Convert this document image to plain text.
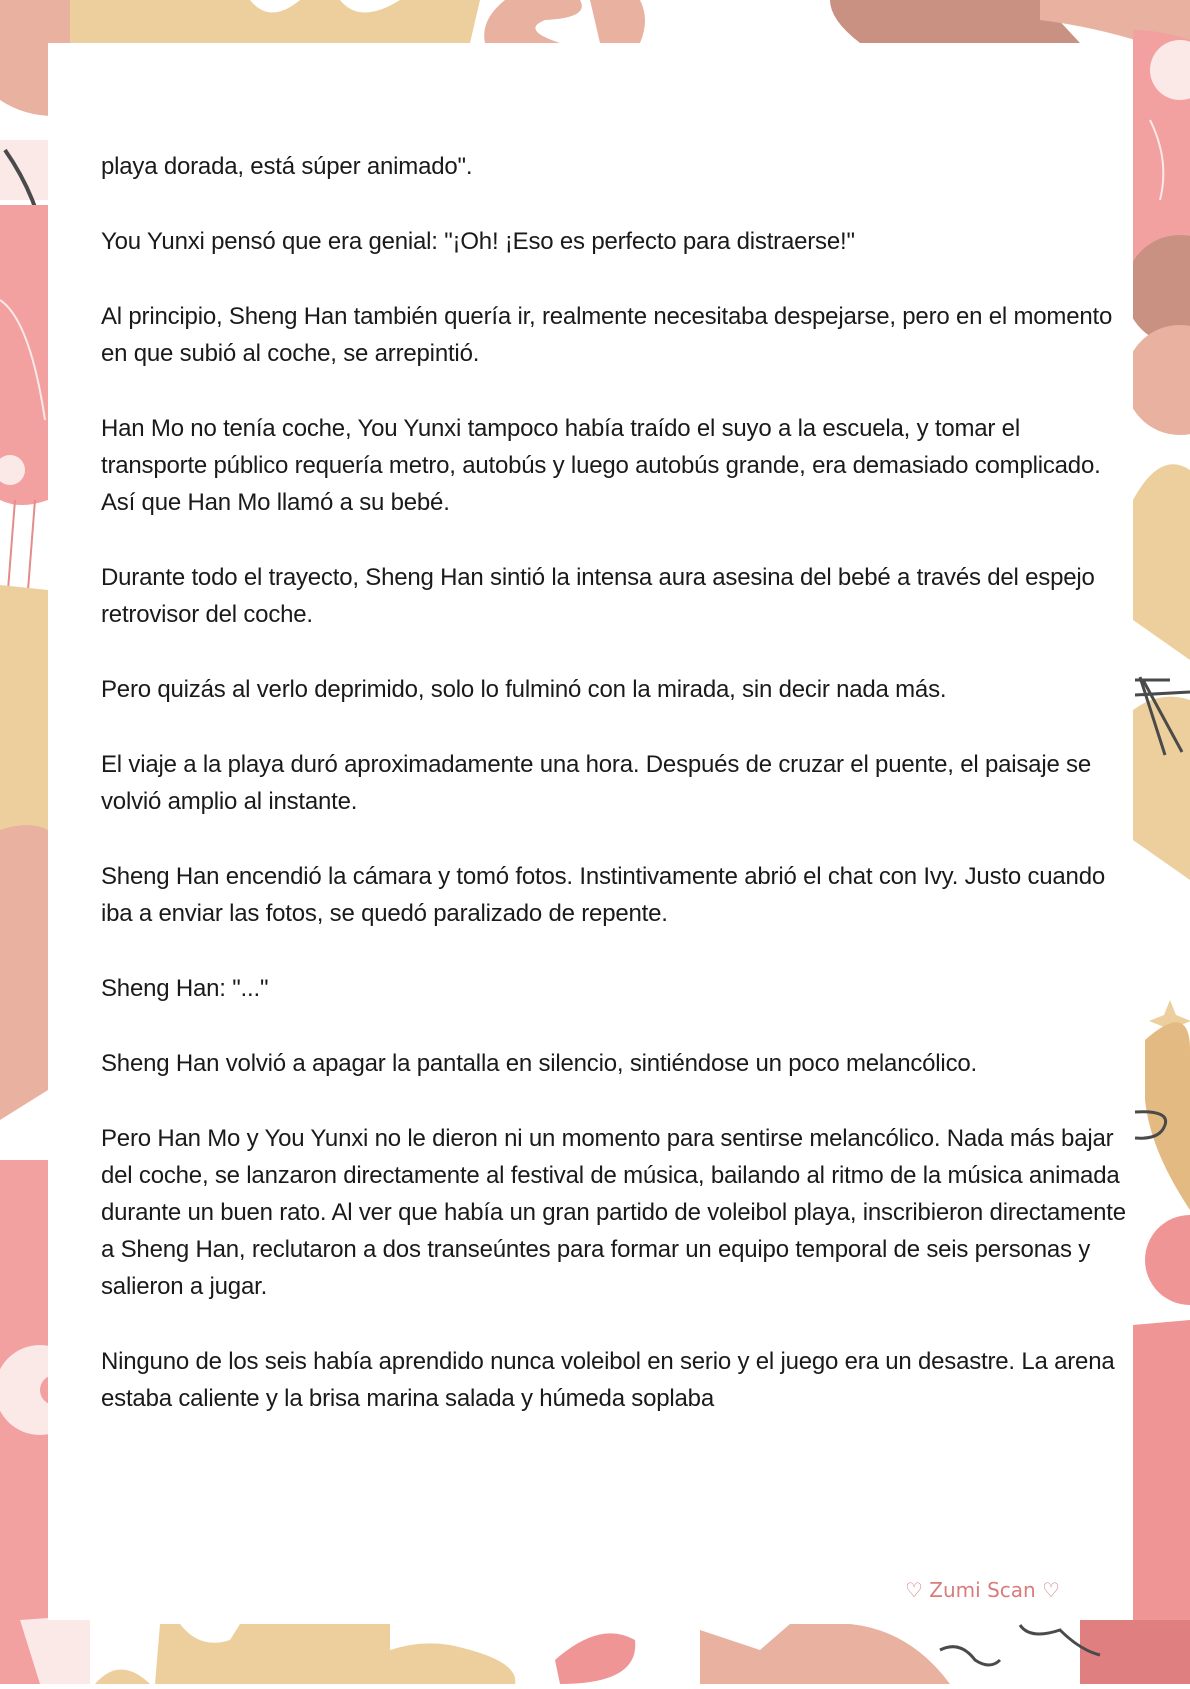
playa dorada, está súper animado".

You Yunxi pensó que era genial: "¡Oh! ¡Eso es perfecto para distraerse!"

Al principio, Sheng Han también quería ir, realmente necesitaba despejarse, pero en el momento en que subió al coche, se arrepintió.

Han Mo no tenía coche, You Yunxi tampoco había traído el suyo a la escuela, y tomar el transporte público requería metro, autobús y luego autobús grande, era demasiado complicado. Así que Han Mo llamó a su bebé.

Durante todo el trayecto, Sheng Han sintió la intensa aura asesina del bebé a través del espejo retrovisor del coche.

Pero quizás al verlo deprimido, solo lo fulminó con la mirada, sin decir nada más.

El viaje a la playa duró aproximadamente una hora. Después de cruzar el puente, el paisaje se volvió amplio al instante.

Sheng Han encendió la cámara y tomó fotos. Instintivamente abrió el chat con Ivy. Justo cuando iba a enviar las fotos, se quedó paralizado de repente.

Sheng Han: "..."

Sheng Han volvió a apagar la pantalla en silencio, sintiéndose un poco melancólico.

Pero Han Mo y You Yunxi no le dieron ni un momento para sentirse melancólico. Nada más bajar del coche, se lanzaron directamente al festival de música, bailando al ritmo de la música animada durante un buen rato. Al ver que había un gran partido de voleibol playa, inscribieron directamente a Sheng Han, reclutaron a dos transeúntes para formar un equipo temporal de seis personas y salieron a jugar.

Ninguno de los seis había aprendido nunca voleibol en serio y el juego era un desastre. La arena estaba caliente y la brisa marina salada y húmeda soplaba

♡ Zumi Scan ♡
